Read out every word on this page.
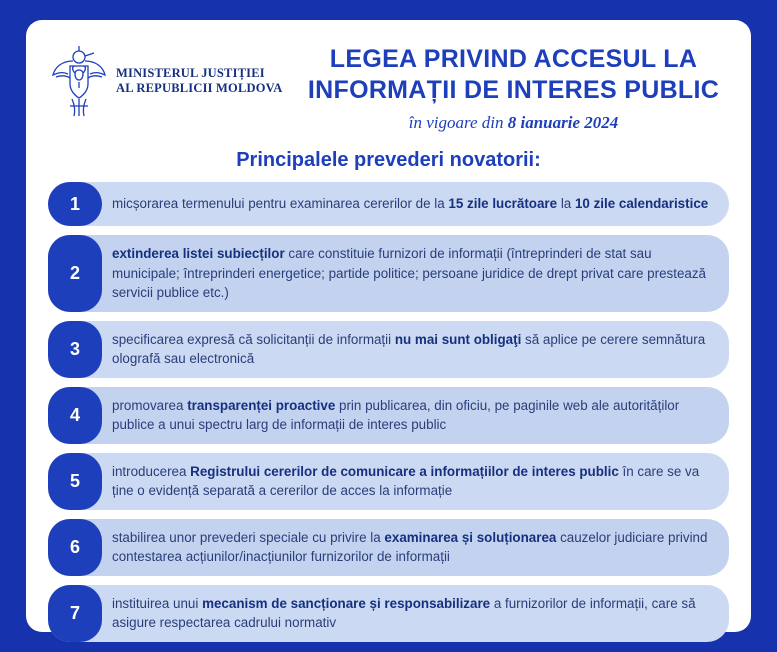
MINISTERUL JUSTIȚIEI
AL REPUBLICII MOLDOVA
LEGEA PRIVIND ACCESUL LA
INFORMAȚII DE INTERES PUBLIC
în vigoare din 8 ianuarie 2024
Principalele prevederi novatorii:
1	micșorarea termenului pentru examinarea cererilor de la 15 zile lucrătoare la 10 zile calendaristice
2
extinderea listei subiecților care constituie furnizori de informații (întreprinderi de stat sau municipale; întreprinderi energetice; partide politice; persoane juridice de drept privat care prestează servicii publice etc.)
3	specificarea expresă că solicitanții de informații nu mai sunt obligaţi să aplice pe cerere semnătura olografă sau electronică
4	promovarea transparenței proactive prin publicarea, din oficiu, pe paginile web ale autorităților publice a unui spectru larg de informații de interes public
5	introducerea Registrului cererilor de comunicare a informațiilor de interes public în care se va ține o evidență separată a cererilor de acces la informație
6	stabilirea unor prevederi speciale cu privire la examinarea și soluționarea cauzelor judiciare privind contestarea acțiunilor/inacțiunilor furnizorilor de informații
7	instituirea unui mecanism de sancționare și responsabilizare a furnizorilor de informații, care să asigure respectarea cadrului normativ
